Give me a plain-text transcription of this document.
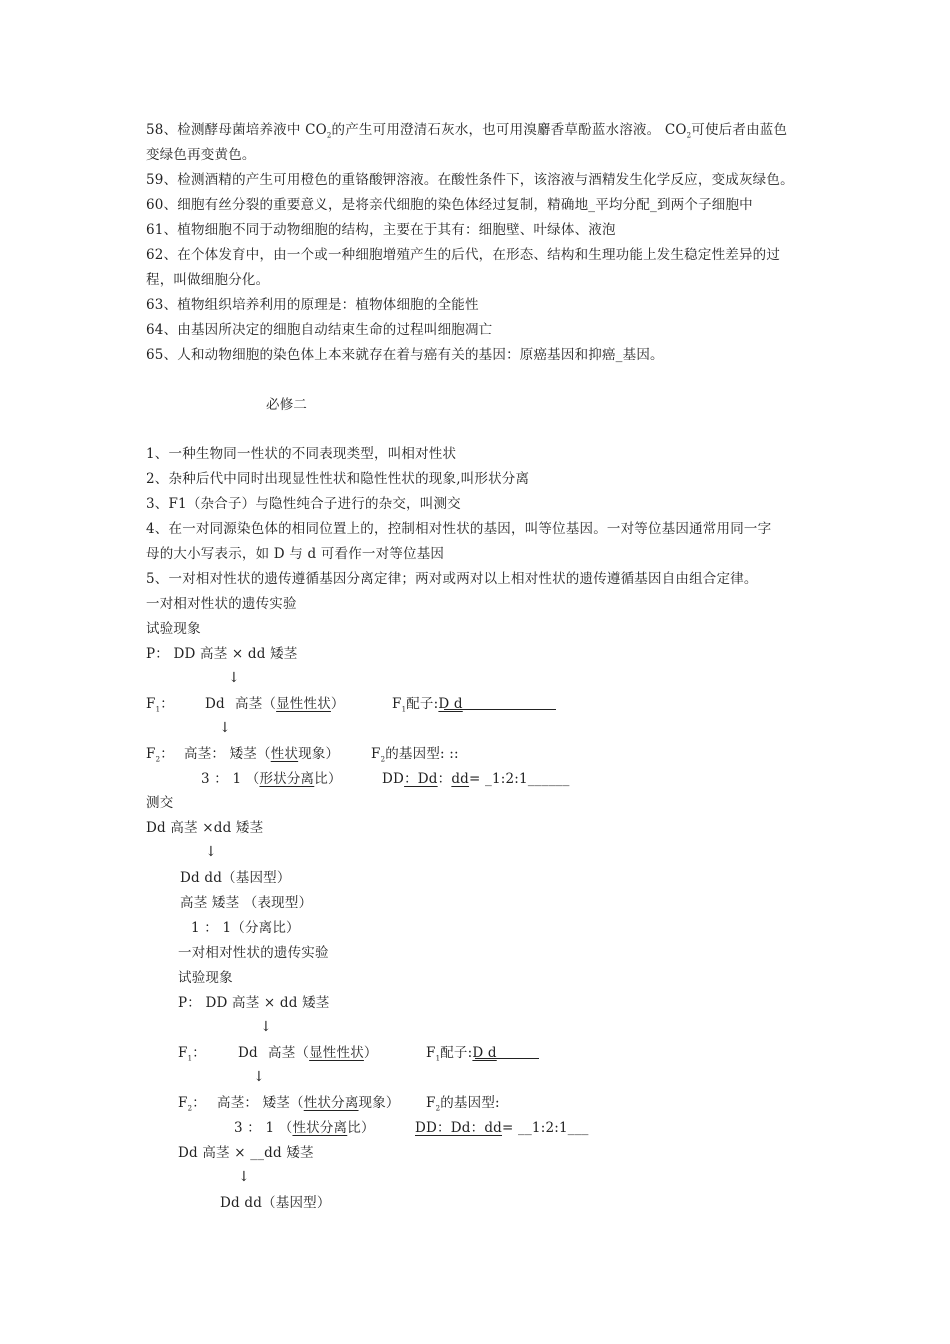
58、检测酵母菌培养液中 $CO_2$的产生可用澄清石灰水，也可用溴麝香草酚蓝水溶液。 $CO_2$可使后者由蓝色
变绿色再变黄色。
59、检测酒精的产生可用橙色的重铬酸钾溶液。在酸性条件下，该溶液与酒精发生化学反应，变成灰绿色。
60、细胞有丝分裂的重要意义，是将亲代细胞的染色体经过复制，精确地_平均分配_到两个子细胞中
61、植物细胞不同于动物细胞的结构，主要在于其有：细胞壁、叶绿体、液泡
62、在个体发育中，由一个或一种细胞增殖产生的后代，在形态、结构和生理功能上发生稳定性差异的过
程，叫做细胞分化。
63、植物组织培养利用的原理是：植物体细胞的全能性
64、由基因所决定的细胞自动结束生命的过程叫细胞凋亡
65、人和动物细胞的染色体上本来就存在着与癌有关的基因：原癌基因和抑癌_基因。
必修二
1、一种生物同一性状的不同表现类型，叫相对性状
2、杂种后代中同时出现显性性状和隐性性状的现象,叫形状分离
3、F1（杂合子）与隐性纯合子进行的杂交，叫测交
4、在一对同源染色体的相同位置上的，控制相对性状的基因，叫等位基因。一对等位基因通常用同一字
母的大小写表示，如 D 与 d 可看作一对等位基因
5、一对相对性状的遗传遵循基因分离定律；两对或两对以上相对性状的遗传遵循基因自由组合定律。
一对相对性状的遗传实验
试验现象
P： DD 高茎 × dd 矮茎
↓
$F_1$： Dd 高茎（显性性状）	$F_1$配子:D d
↓
$F_2$： 高茎： 矮茎（性状现象） $F_2$的基因型: ::
3 ： 1 （形状分离比）	DD：Dd：dd= _1:2:1______
测交
Dd 高茎 ×dd 矮茎
↓
Dd dd（基因型）
高茎 矮茎 （表现型）
1 ： 1（分离比）
一对相对性状的遗传实验
试验现象
P： DD 高茎 × dd 矮茎
↓
$F_1$： Dd 高茎（显性性状）	$F_1$配子:D d
↓
$F_2$： 高茎： 矮茎（性状分离现象） $F_2$的基因型:
3 ： 1 （性状分离比）	DD：Dd：dd= __1:2:1___
Dd 高茎 × __dd 矮茎
↓
Dd dd（基因型）
